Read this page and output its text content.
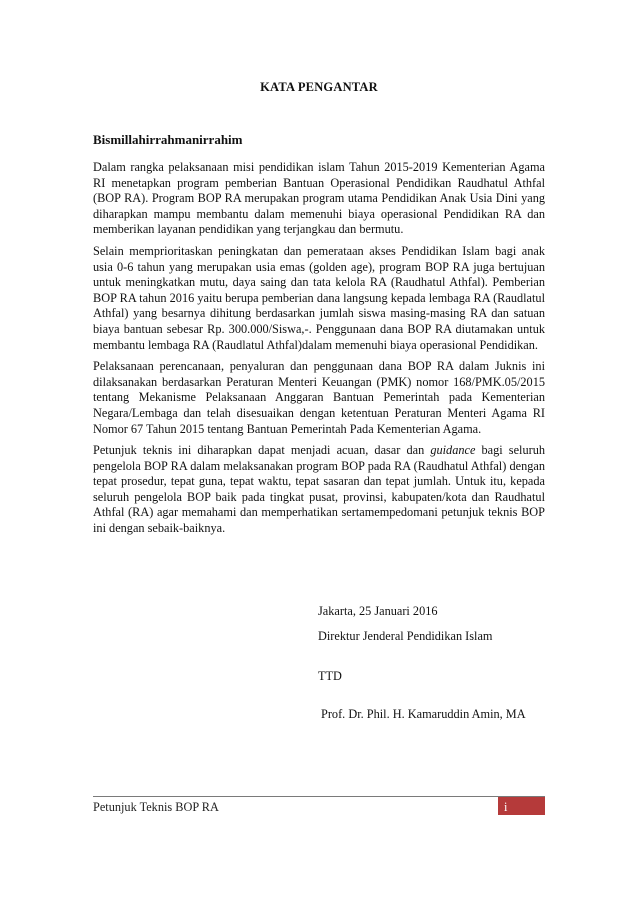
KATA PENGANTAR
Bismillahirrahmanirrahim

Dalam rangka pelaksanaan misi pendidikan islam Tahun 2015-2019 Kementerian Agama RI menetapkan program pemberian Bantuan Operasional Pendidikan Raudhatul Athfal (BOP RA). Program BOP RA merupakan program utama Pendidikan Anak Usia Dini yang diharapkan mampu membantu dalam memenuhi biaya operasional Pendidikan RA dan memberikan layanan pendidikan yang terjangkau dan bermutu.

Selain memprioritaskan peningkatan dan pemerataan akses Pendidikan Islam bagi anak usia 0-6 tahun yang merupakan usia emas (golden age), program BOP RA juga bertujuan untuk meningkatkan mutu, daya saing dan tata kelola RA (Raudhatul Athfal). Pemberian BOP RA tahun 2016 yaitu berupa pemberian dana langsung kepada lembaga RA (Raudlatul Athfal) yang besarnya dihitung berdasarkan jumlah siswa masing-masing RA dan satuan biaya bantuan sebesar Rp. 300.000/Siswa,-. Penggunaan dana BOP RA diutamakan untuk membantu lembaga RA (Raudlatul Athfal)dalam memenuhi biaya operasional Pendidikan.

Pelaksanaan perencanaan, penyaluran dan penggunaan dana BOP RA dalam Juknis ini dilaksanakan berdasarkan Peraturan Menteri Keuangan (PMK) nomor 168/PMK.05/2015 tentang Mekanisme Pelaksanaan Anggaran Bantuan Pemerintah pada Kementerian Negara/Lembaga dan telah disesuaikan dengan ketentuan Peraturan Menteri Agama RI Nomor 67 Tahun 2015 tentang Bantuan Pemerintah Pada Kementerian Agama.

Petunjuk teknis ini diharapkan dapat menjadi acuan, dasar dan guidance bagi seluruh pengelola BOP RA dalam melaksanakan program BOP pada RA (Raudhatul Athfal) dengan tepat prosedur, tepat guna, tepat waktu, tepat sasaran dan tepat jumlah. Untuk itu, kepada seluruh pengelola BOP baik pada tingkat pusat, provinsi, kabupaten/kota dan Raudhatul Athfal (RA) agar memahami dan memperhatikan sertamempedomani petunjuk teknis BOP ini dengan sebaik-baiknya.

Jakarta, 25 Januari 2016
Direktur Jenderal Pendidikan Islam
TTD
Prof. Dr. Phil. H. Kamaruddin Amin, MA
Petunjuk Teknis BOP RA	i
